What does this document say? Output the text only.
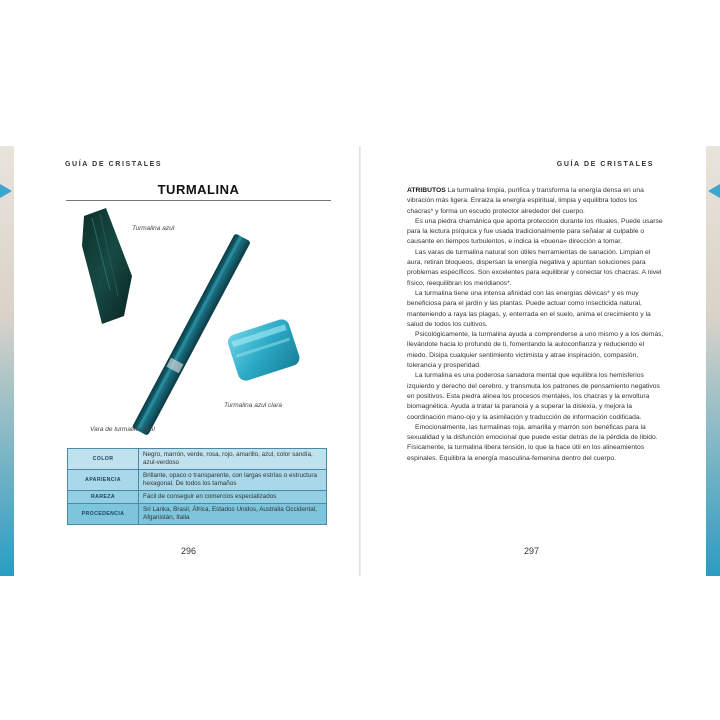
GUÍA DE CRISTALES
TURMALINA
Turmalina azul
Turmalina azul clara
Vara de turmalina azul
COLOR	Negro, marrón, verde, rosa, rojo, amarillo, azul, color sandía, azul-verdoso
APARIENCIA	Brillante, opaco o transparente, con largas estrías o estructura hexagonal. De todos los tamaños
RAREZA	Fácil de conseguir en comercios especializados
PROCEDENCIA	Sri Lanka, Brasil, África, Estados Unidos, Australia Occidental, Afganistán, Italia
296
GUÍA DE CRISTALES

ATRIBUTOS La turmalina limpia, purifica y transforma la energía densa en una vibración más ligera. Enraiza la energía espiritual, limpia y equilibra todos los chacras* y forma un escudo protector alrededor del cuerpo.

Es una piedra chamánica que aporta protección durante los rituales. Puede usarse para la lectura psíquica y fue usada tradicionalmente para señalar al culpable o causante en tiempos turbulentos, e indica la «buena» dirección a tomar.

Las varas de turmalina natural son útiles herramientas de sanación. Limpian el aura, retiran bloqueos, dispersan la energía negativa y apuntan soluciones para problemas específicos. Son excelentes para equilibrar y conectar los chacras. A nivel físico, reequilibran los meridianos*.

La turmalina tiene una intensa afinidad con las energías dévicas* y es muy beneficiosa para el jardín y las plantas. Puede actuar como insecticida natural, manteniendo a raya las plagas, y, enterrada en el suelo, anima el crecimiento y la salud de todos los cultivos.

Psicológicamente, la turmalina ayuda a comprenderse a uno mismo y a los demás, llevándote hacia lo profundo de ti, fomentando la autoconfianza y reduciendo el miedo. Disipa cualquier sentimiento victimista y atrae inspiración, compasión, tolerancia y prosperidad.

La turmalina es una poderosa sanadora mental que equilibra los hemisferios izquierdo y derecho del cerebro, y transmuta los patrones de pensamiento negativos en positivos. Esta piedra alinea los procesos mentales, los chacras y la envoltura biomagnética. Ayuda a tratar la paranoia y a superar la dislexia, y mejora la coordinación mano-ojo y la asimilación y traducción de información codificada.

Emocionalmente, las turmalinas roja, amarilla y marrón son benéficas para la sexualidad y la disfunción emocional que puede estar detrás de la pérdida de libido. Físicamente, la turmalina libera tensión, lo que la hace útil en los alineamientos espinales. Equilibra la energía masculina-femenina dentro del cuerpo.

297
